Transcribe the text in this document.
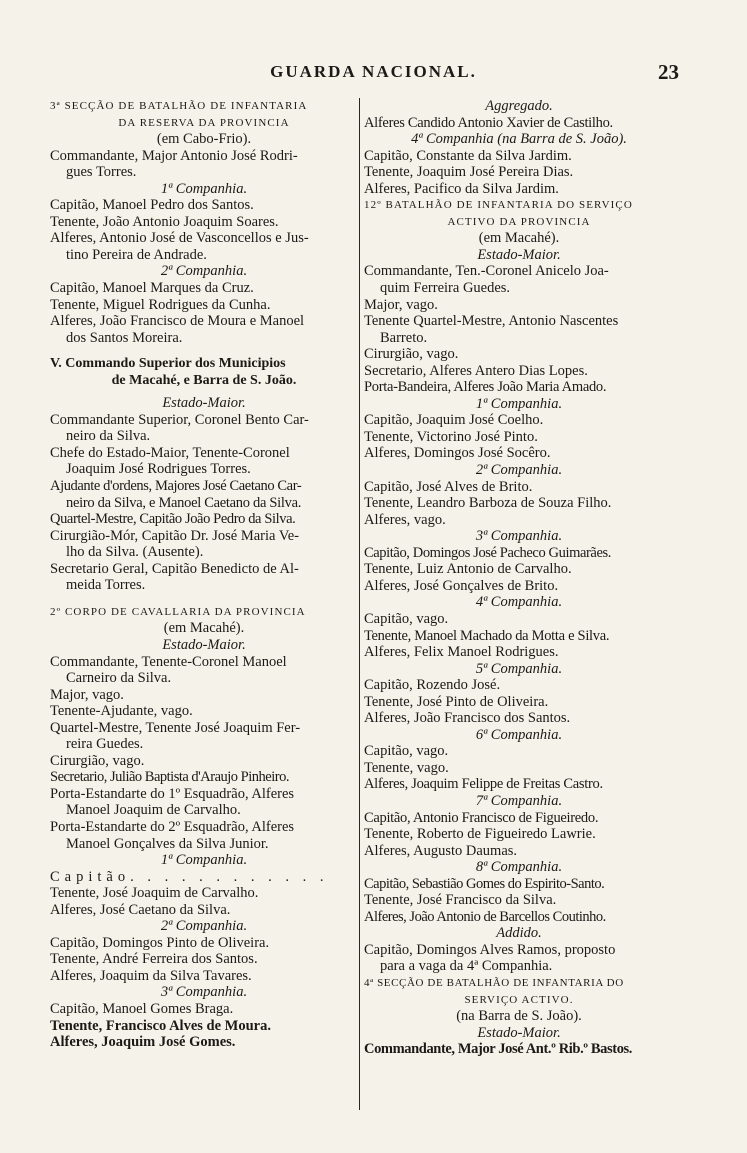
GUARDA NACIONAL.	23
3ª SECÇÃO DE BATALHÃO DE INFANTARIA
DA RESERVA DA PROVINCIA
(em Cabo-Frio).
Commandante, Major Antonio José Rodri-
gues Torres.
1ª Companhia.
Capitão, Manoel Pedro dos Santos.
Tenente, João Antonio Joaquim Soares.
Alferes, Antonio José de Vasconcellos e Jus-
tino Pereira de Andrade.
2ª Companhia.
Capitão, Manoel Marques da Cruz.
Tenente, Miguel Rodrigues da Cunha.
Alferes, João Francisco de Moura e Manoel
dos Santos Moreira.
V. Commando Superior dos Municipios
de Macahé, e Barra de S. João.
Estado-Maior.
Commandante Superior, Coronel Bento Car-
neiro da Silva.
Chefe do Estado-Maior, Tenente-Coronel
Joaquim José Rodrigues Torres.
Ajudante d'ordens, Majores José Caetano Car-
neiro da Silva, e Manoel Caetano da Silva.
Quartel-Mestre, Capitão João Pedro da Silva.
Cirurgião-Mór, Capitão Dr. José Maria Ve-
lho da Silva. (Ausente).
Secretario Geral, Capitão Benedicto de Al-
meida Torres.
2º CORPO DE CAVALLARIA DA PROVINCIA
(em Macahé).
Estado-Maior.
Commandante, Tenente-Coronel Manoel
Carneiro da Silva.
Major, vago.
Tenente-Ajudante, vago.
Quartel-Mestre, Tenente José Joaquim Fer-
reira Guedes.
Cirurgião, vago.
Secretario, Julião Baptista d'Araujo Pinheiro.
Porta-Estandarte do 1º Esquadrão, Alferes
Manoel Joaquim de Carvalho.
Porta-Estandarte do 2º Esquadrão, Alferes
Manoel Gonçalves da Silva Junior.
1ª Companhia.
Capitão. . . . . . . . . . . .
Tenente, José Joaquim de Carvalho.
Alferes, José Caetano da Silva.
2ª Companhia.
Capitão, Domingos Pinto de Oliveira.
Tenente, André Ferreira dos Santos.
Alferes, Joaquim da Silva Tavares.
3ª Companhia.
Capitão, Manoel Gomes Braga.
Tenente, Francisco Alves de Moura.
Alferes, Joaquim José Gomes.
Aggregado.
Alferes Candido Antonio Xavier de Castilho.
4ª Companhia (na Barra de S. João).
Capitão, Constante da Silva Jardim.
Tenente, Joaquim José Pereira Dias.
Alferes, Pacifico da Silva Jardim.
12º BATALHÃO DE INFANTARIA DO SERVIÇO
ACTIVO DA PROVINCIA
(em Macahé).
Estado-Maior.
Commandante, Ten.-Coronel Anicelo Joa-
quim Ferreira Guedes.
Major, vago.
Tenente Quartel-Mestre, Antonio Nascentes
Barreto.
Cirurgião, vago.
Secretario, Alferes Antero Dias Lopes.
Porta-Bandeira, Alferes João Maria Amado.
1ª Companhia.
Capitão, Joaquim José Coelho.
Tenente, Victorino José Pinto.
Alferes, Domingos José Socêro.
2ª Companhia.
Capitão, José Alves de Brito.
Tenente, Leandro Barboza de Souza Filho.
Alferes, vago.
3ª Companhia.
Capitão, Domingos José Pacheco Guimarães.
Tenente, Luiz Antonio de Carvalho.
Alferes, José Gonçalves de Brito.
4ª Companhia.
Capitão, vago.
Tenente, Manoel Machado da Motta e Silva.
Alferes, Felix Manoel Rodrigues.
5ª Companhia.
Capitão, Rozendo José.
Tenente, José Pinto de Oliveira.
Alferes, João Francisco dos Santos.
6ª Companhia.
Capitão, vago.
Tenente, vago.
Alferes, Joaquim Felippe de Freitas Castro.
7ª Companhia.
Capitão, Antonio Francisco de Figueiredo.
Tenente, Roberto de Figueiredo Lawrie.
Alferes, Augusto Daumas.
8ª Companhia.
Capitão, Sebastião Gomes do Espirito-Santo.
Tenente, José Francisco da Silva.
Alferes, João Antonio de Barcellos Coutinho.
Addido.
Capitão, Domingos Alves Ramos, proposto
para a vaga da 4ª Companhia.
4ª SECÇÃO DE BATALHÃO DE INFANTARIA DO
SERVIÇO ACTIVO.
(na Barra de S. João).
Estado-Maior.
Commandante, Major José Ant.º Rib.º Bastos.
